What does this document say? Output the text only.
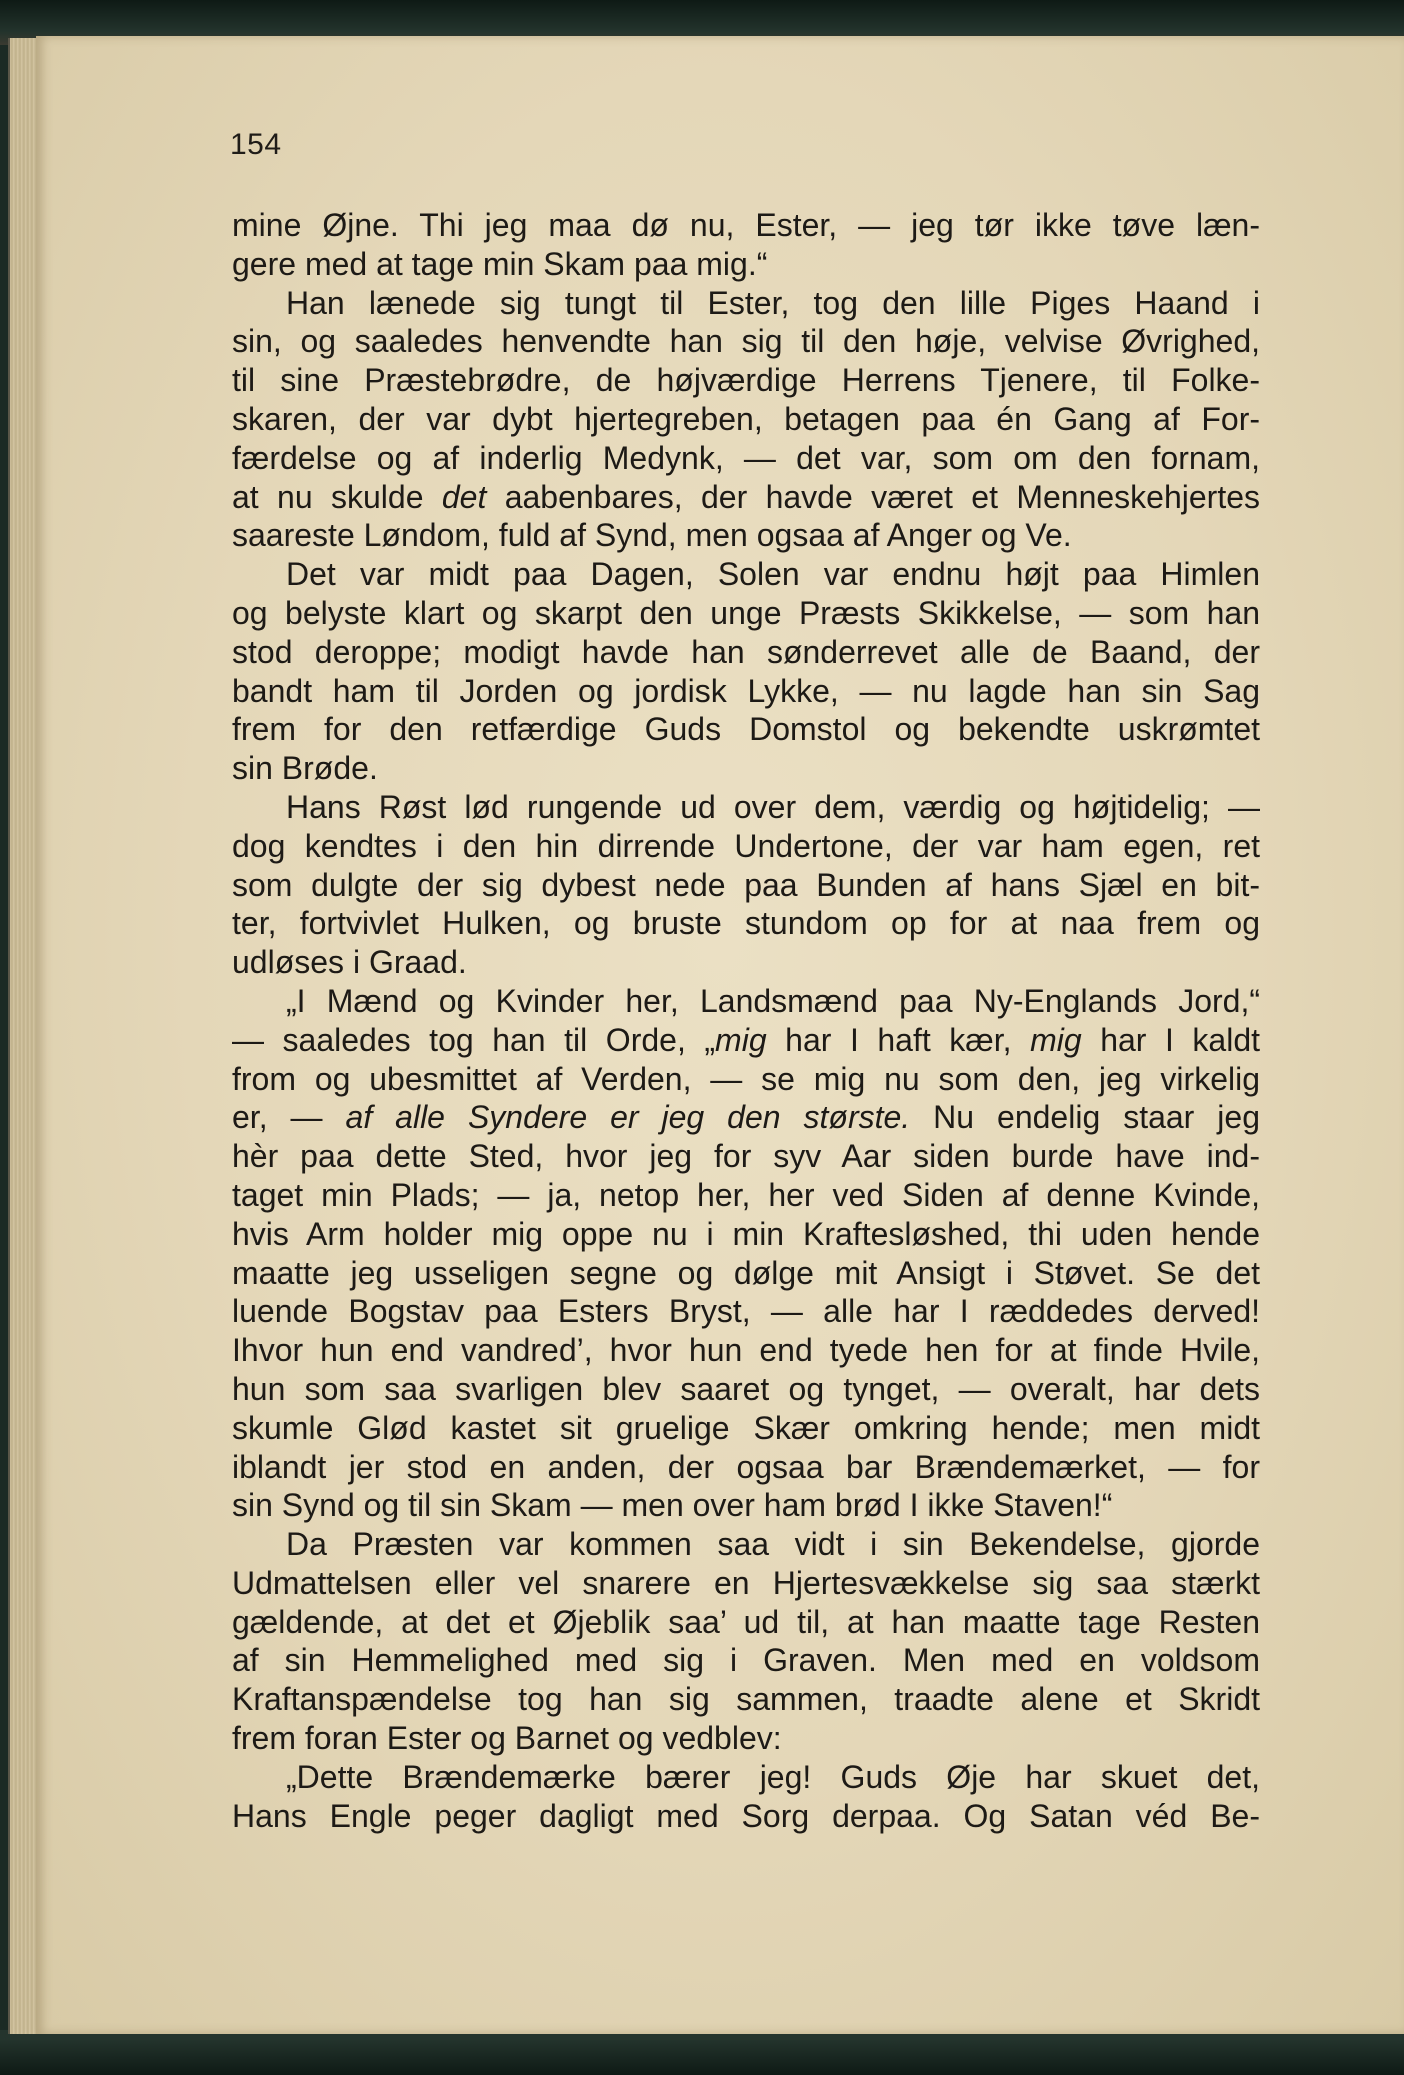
154
mine Øjne. Thi jeg maa dø nu, Ester, — jeg tør ikke tøve læn-
gere med at tage min Skam paa mig.“
Han lænede sig tungt til Ester, tog den lille Piges Haand i
sin, og saaledes henvendte han sig til den høje, velvise Øvrighed,
til sine Præstebrødre, de højværdige Herrens Tjenere, til Folke-
skaren, der var dybt hjertegreben, betagen paa én Gang af For-
færdelse og af inderlig Medynk, — det var, som om den fornam,
at nu skulde det aabenbares, der havde været et Menneskehjertes
saareste Løndom, fuld af Synd, men ogsaa af Anger og Ve.
Det var midt paa Dagen, Solen var endnu højt paa Himlen
og belyste klart og skarpt den unge Præsts Skikkelse, — som han
stod deroppe; modigt havde han sønderrevet alle de Baand, der
bandt ham til Jorden og jordisk Lykke, — nu lagde han sin Sag
frem for den retfærdige Guds Domstol og bekendte uskrømtet
sin Brøde.
Hans Røst lød rungende ud over dem, værdig og højtidelig; —
dog kendtes i den hin dirrende Undertone, der var ham egen, ret
som dulgte der sig dybest nede paa Bunden af hans Sjæl en bit-
ter, fortvivlet Hulken, og bruste stundom op for at naa frem og
udløses i Graad.
„I Mænd og Kvinder her, Landsmænd paa Ny-Englands Jord,“
— saaledes tog han til Orde, „mig har I haft kær, mig har I kaldt
from og ubesmittet af Verden, — se mig nu som den, jeg virkelig
er, — af alle Syndere er jeg den største. Nu endelig staar jeg
hèr paa dette Sted, hvor jeg for syv Aar siden burde have ind-
taget min Plads; — ja, netop her, her ved Siden af denne Kvinde,
hvis Arm holder mig oppe nu i min Kraftesløshed, thi uden hende
maatte jeg usseligen segne og dølge mit Ansigt i Støvet. Se det
luende Bogstav paa Esters Bryst, — alle har I ræddedes derved!
Ihvor hun end vandred’, hvor hun end tyede hen for at finde Hvile,
hun som saa svarligen blev saaret og tynget, — overalt, har dets
skumle Glød kastet sit gruelige Skær omkring hende; men midt
iblandt jer stod en anden, der ogsaa bar Brændemærket, — for
sin Synd og til sin Skam — men over ham brød I ikke Staven!“
Da Præsten var kommen saa vidt i sin Bekendelse, gjorde
Udmattelsen eller vel snarere en Hjertesvækkelse sig saa stærkt
gældende, at det et Øjeblik saa’ ud til, at han maatte tage Resten
af sin Hemmelighed med sig i Graven. Men med en voldsom
Kraftanspændelse tog han sig sammen, traadte alene et Skridt
frem foran Ester og Barnet og vedblev:
„Dette Brændemærke bærer jeg! Guds Øje har skuet det,
Hans Engle peger dagligt med Sorg derpaa. Og Satan véd Be-
